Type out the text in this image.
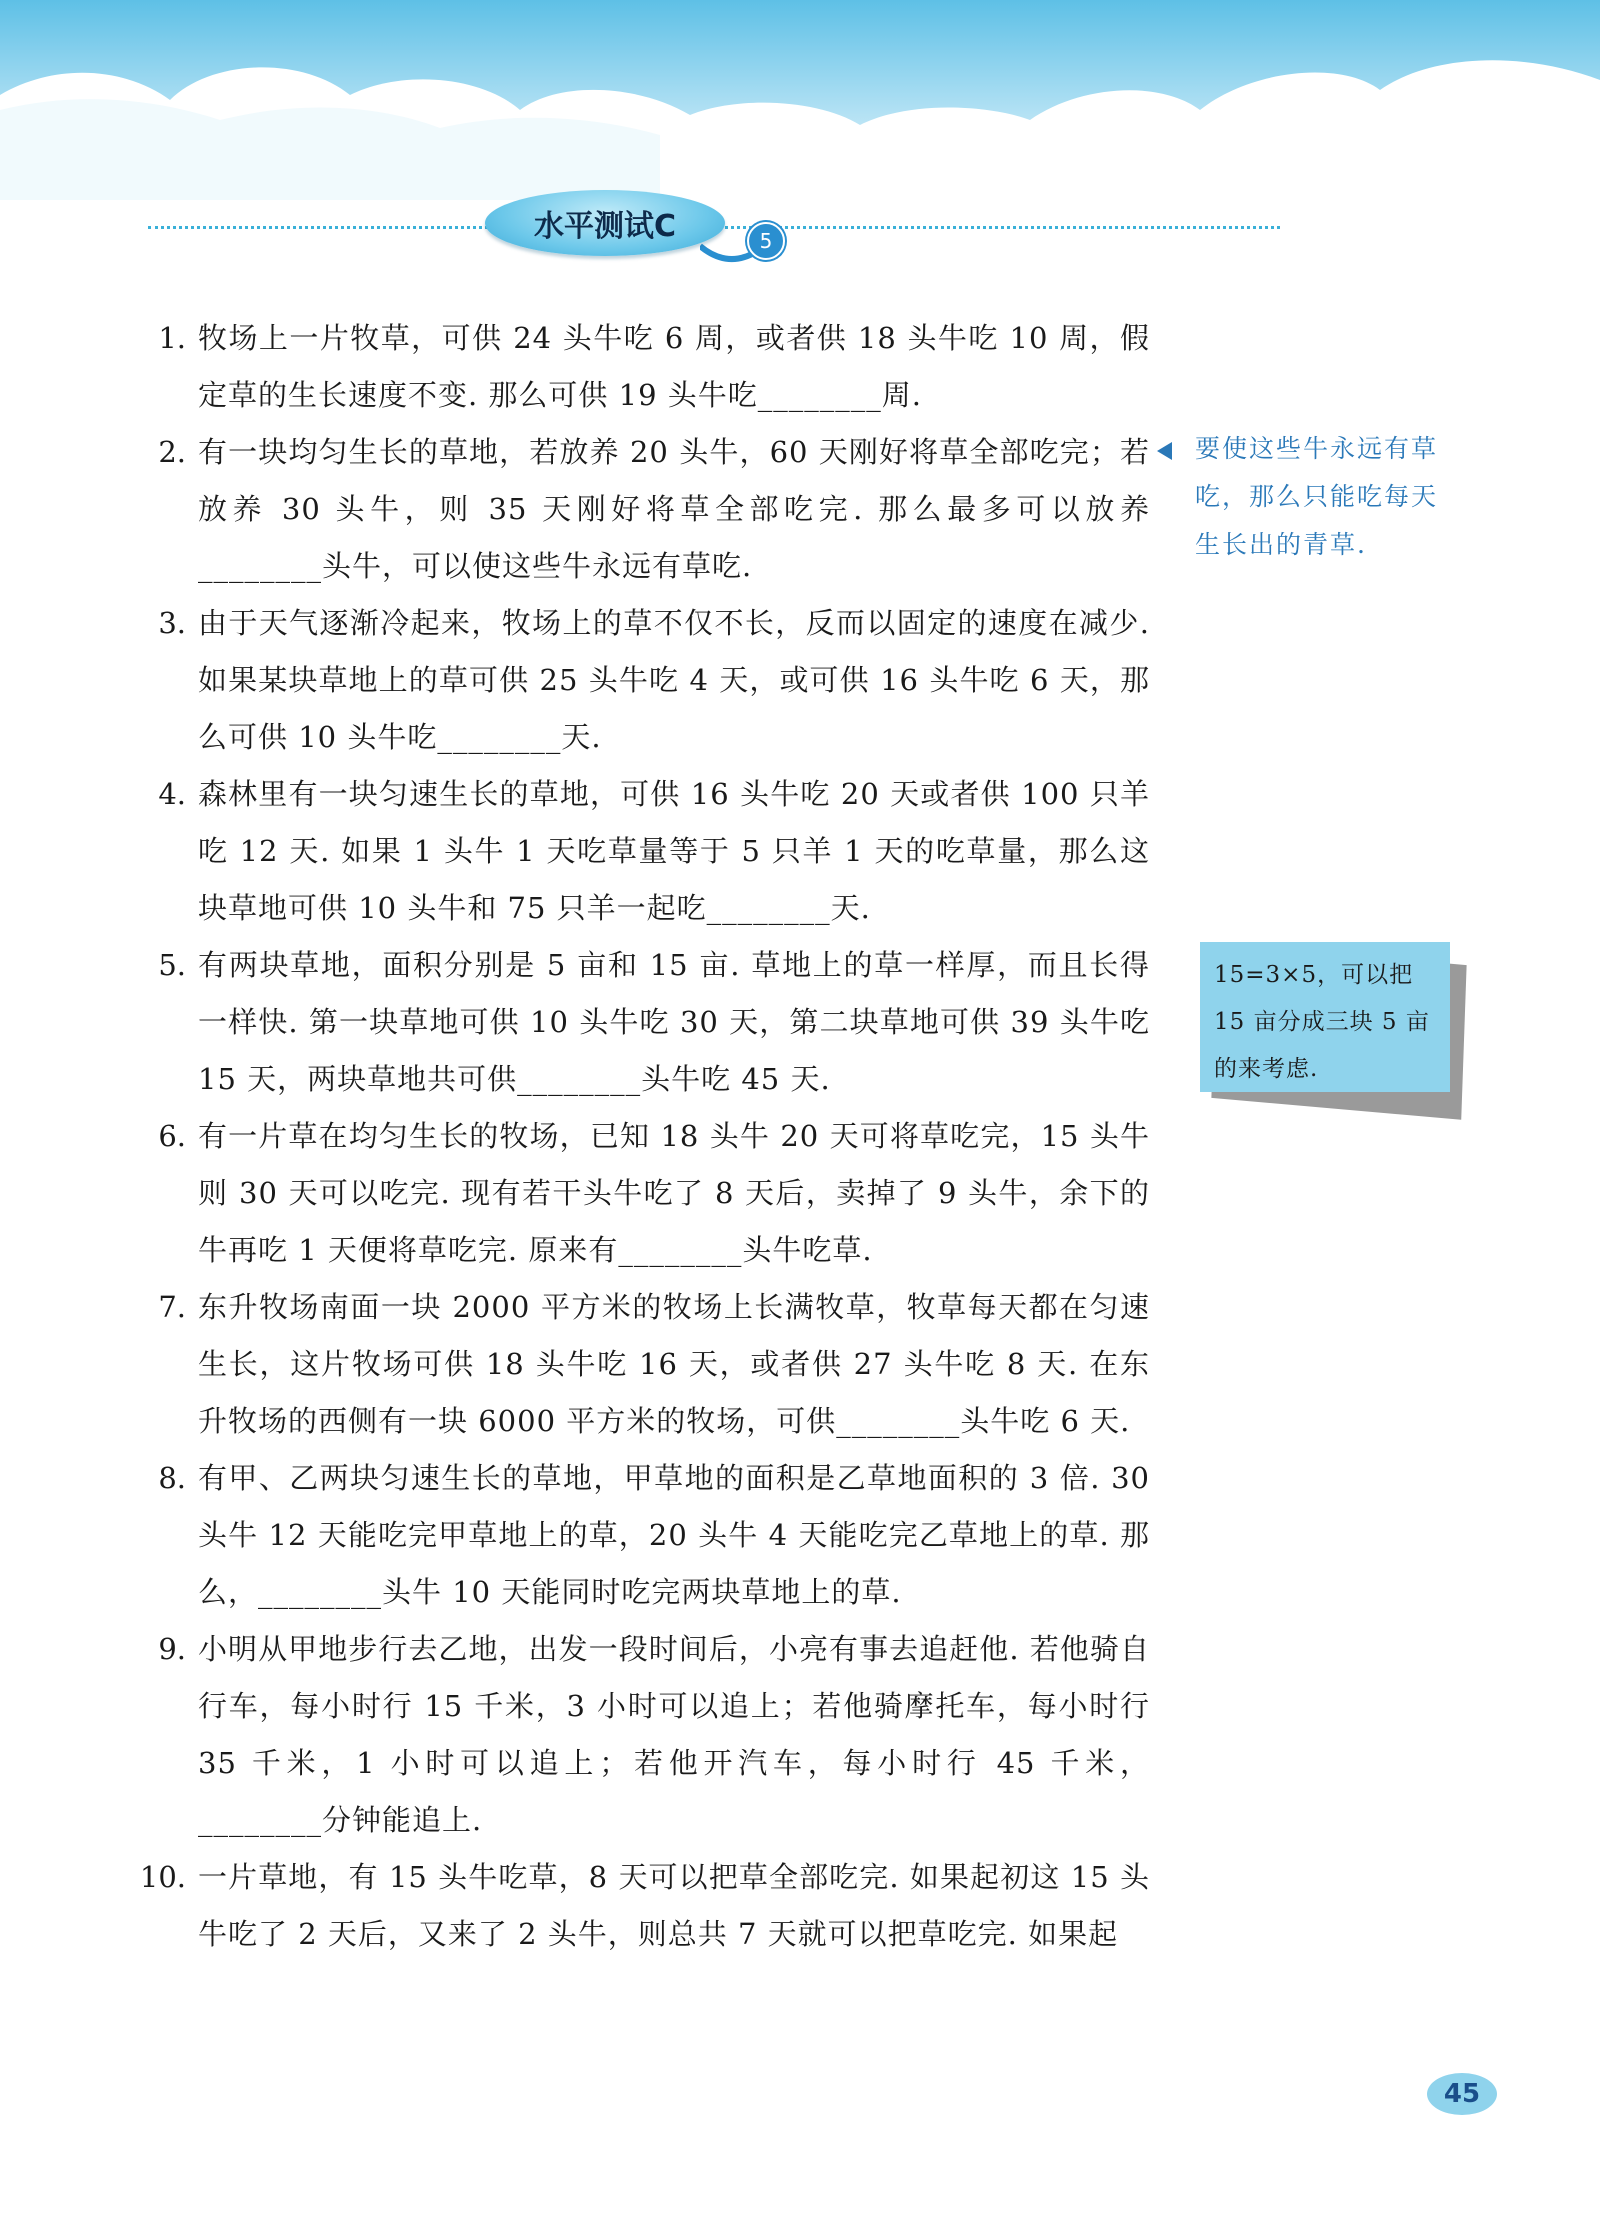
水平测试C	5
1. 牧场上一片牧草，可供 24 头牛吃 6 周，或者供 18 头牛吃 10 周，假定草的生长速度不变. 那么可供 19 头牛吃________周.
2. 有一块均匀生长的草地，若放养 20 头牛，60 天刚好将草全部吃完；若放养 30 头牛，则 35 天刚好将草全部吃完. 那么最多可以放养________头牛，可以使这些牛永远有草吃.
3. 由于天气逐渐冷起来，牧场上的草不仅不长，反而以固定的速度在减少. 如果某块草地上的草可供 25 头牛吃 4 天，或可供 16 头牛吃 6 天，那么可供 10 头牛吃________天.
4. 森林里有一块匀速生长的草地，可供 16 头牛吃 20 天或者供 100 只羊吃 12 天. 如果 1 头牛 1 天吃草量等于 5 只羊 1 天的吃草量，那么这块草地可供 10 头牛和 75 只羊一起吃________天.
5. 有两块草地，面积分别是 5 亩和 15 亩. 草地上的草一样厚，而且长得一样快. 第一块草地可供 10 头牛吃 30 天，第二块草地可供 39 头牛吃 15 天，两块草地共可供________头牛吃 45 天.
6. 有一片草在均匀生长的牧场，已知 18 头牛 20 天可将草吃完，15 头牛则 30 天可以吃完. 现有若干头牛吃了 8 天后，卖掉了 9 头牛，余下的牛再吃 1 天便将草吃完. 原来有________头牛吃草.
7. 东升牧场南面一块 2000 平方米的牧场上长满牧草，牧草每天都在匀速生长，这片牧场可供 18 头牛吃 16 天，或者供 27 头牛吃 8 天. 在东升牧场的西侧有一块 6000 平方米的牧场，可供________头牛吃 6 天.
8. 有甲、乙两块匀速生长的草地，甲草地的面积是乙草地面积的 3 倍. 30 头牛 12 天能吃完甲草地上的草，20 头牛 4 天能吃完乙草地上的草. 那么，________头牛 10 天能同时吃完两块草地上的草.
9. 小明从甲地步行去乙地，出发一段时间后，小亮有事去追赶他. 若他骑自行车，每小时行 15 千米，3 小时可以追上；若他骑摩托车，每小时行 35 千米，1 小时可以追上；若他开汽车，每小时行 45 千米，________分钟能追上.
10. 一片草地，有 15 头牛吃草，8 天可以把草全部吃完. 如果起初这 15 头牛吃了 2 天后，又来了 2 头牛，则总共 7 天就可以把草吃完. 如果起
要使这些牛永远有草吃，那么只能吃每天生长出的青草.
15=3×5，可以把 15 亩分成三块 5 亩的来考虑.
45
